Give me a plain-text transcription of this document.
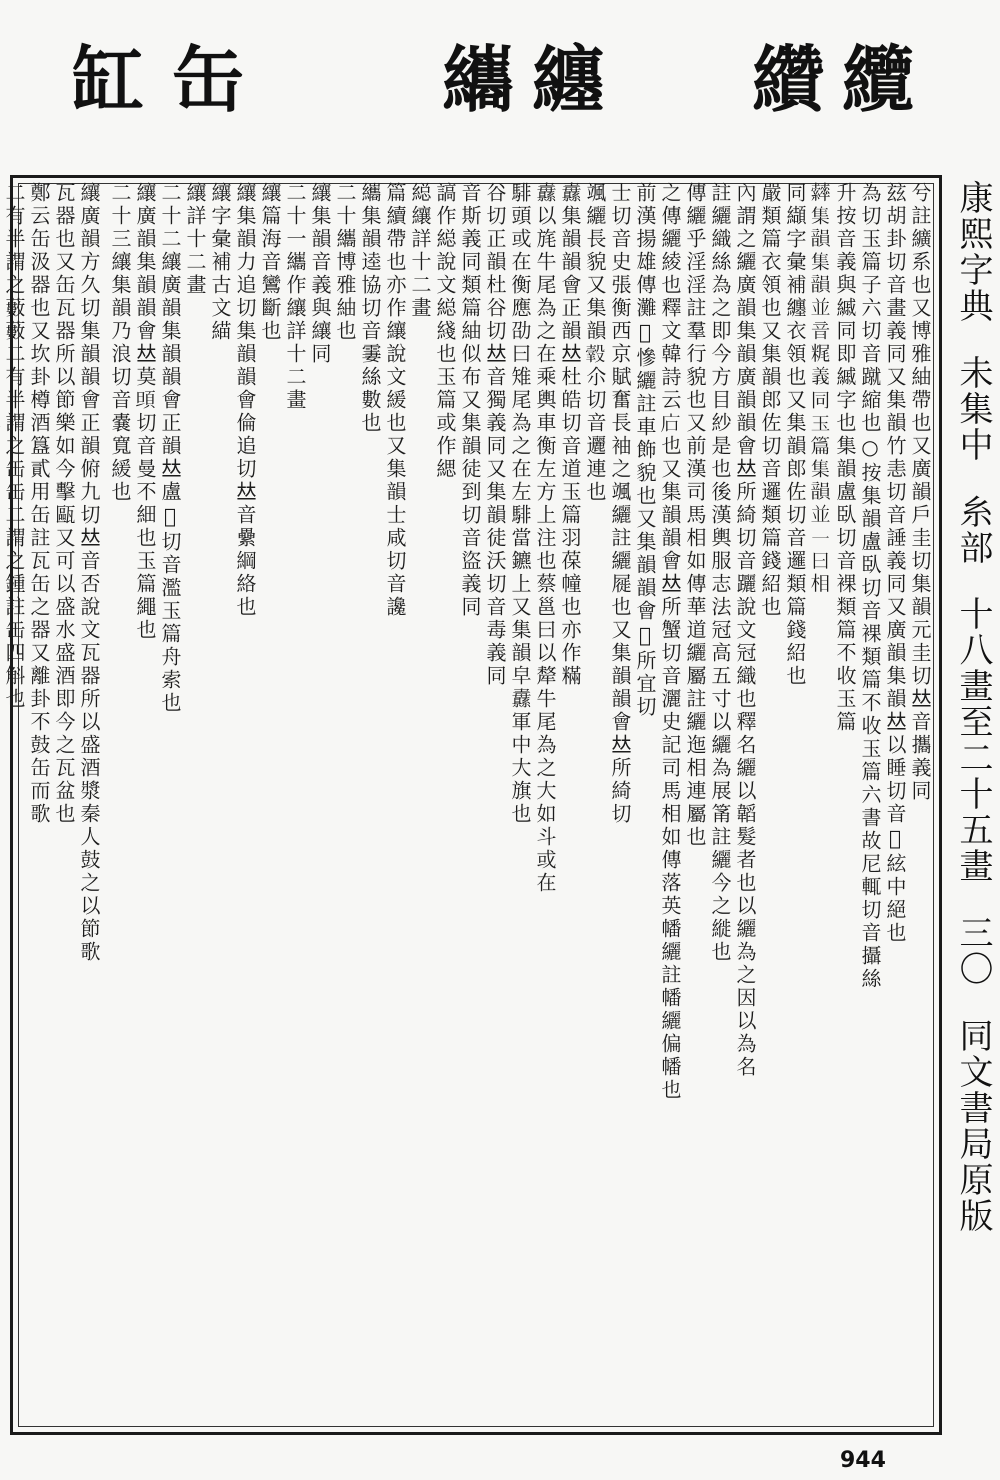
缸 缶	纗 纏 纘 纜
康熙字典 未集中 糸部 十八畫至二十五畫 三〇 同文書局原版
兮註纊系也又博雅紬帶也又廣韻戶圭切集韻元圭切𠀤音攜義同
玆胡卦切音畫義同又集韻竹恚切音諈義同又廣韻集韻𠀤以睡切音𥉭絃中絕也
為切玉篇子六切音蹴縮也○按集韻盧臥切音裸類篇不收玉篇六書故尼輒切音攝絲
升按音義與縬同即縬字也集韻盧臥切音裸類篇不收玉篇
𦆽集韻集韻並音䊊義同玉篇集韻並一曰相
同纈字彙補纏衣領也又集韻郎佐切音邏類篇錢紹也
嚴類篇衣領也又集韻郎佐切音邏類篇錢紹也
內謂之纚廣韻集韻廣韻韻會𠀤所綺切音躧說文冠織也釋名纚以韜髮者也以纚為之因以為名
註纚織絲為之即今方目紗是也後漢輿服志法冠高五寸以纚為展筩註纚今之縰也
傳纚乎淫淫註羣行貌也又前漢司馬相如傳華道纚屬註纚迤相連屬也
之傳纚綾也釋文韓詩云𢇞也又集韻韻會𠀤所蟹切音灑史記司馬相如傳落英幡纚註幡纚偏幡也
前漢揚雄傳灘𧟦慘纚註車飾貌也又集韻韻會𠀤所宜切
士切音史張衡西京賦奮長袖之颯纚註纚屣也又集韻韻會𠀤所綺切
颯纚長貌又集韻𦎯尒切音邐連也
纛集韻韻會正韻𠀤杜皓切音道玉篇羽葆幢也亦作䊟
纛以旄牛尾為之在乘輿車衡左方上注也蔡邕曰以犛牛尾為之大如斗或在
騑頭或在衡應劭曰雉尾為之在左騑當鑣上又集韻皁纛軍中大旗也
谷切正韻杜谷切𠀤音獨義同又集韻徒沃切音毒義同
音斯義同類篇紬似布又集韻徒到切音盜義同
謞作縂說文縂綫也玉篇或作緦
縂纕詳十二畫
篇續帶也亦作纕說文緩也又集韻士咸切音讒
纗集韻逵協切音霋絲數也
二十纗博雅紬也
纕集韻音義與纕同
二十一纗作纕詳十二畫
纕篇海音鸞斷也
纕集韻力追切集韻韻會倫追切𠀤音纍綱絡也
纕字彙補古文緢
纕詳十二畫
二十二纕廣韻集韻韻會正韻𠀤盧𨦟切音濫玉篇舟索也
纕廣韻集韻韻會𠀤莫𩑰切音曼不細也玉篇繩也
二十三纕集韻乃浪切音嚢寬緩也
纕廣韻方久切集韻韻會正韻俯九切𠀤音否說文瓦器所以盛酒漿秦人鼓之以節歌
瓦器也又缶瓦器所以節樂如今擊甌又可以盛水盛酒即今之瓦盆也
鄭云缶汲器也又坎卦樽酒簋貳用缶註瓦缶之器又離卦不鼓缶而歌
二有半謂之藪藪二有半謂之缶缶二謂之鍾註缶四斛也
944
